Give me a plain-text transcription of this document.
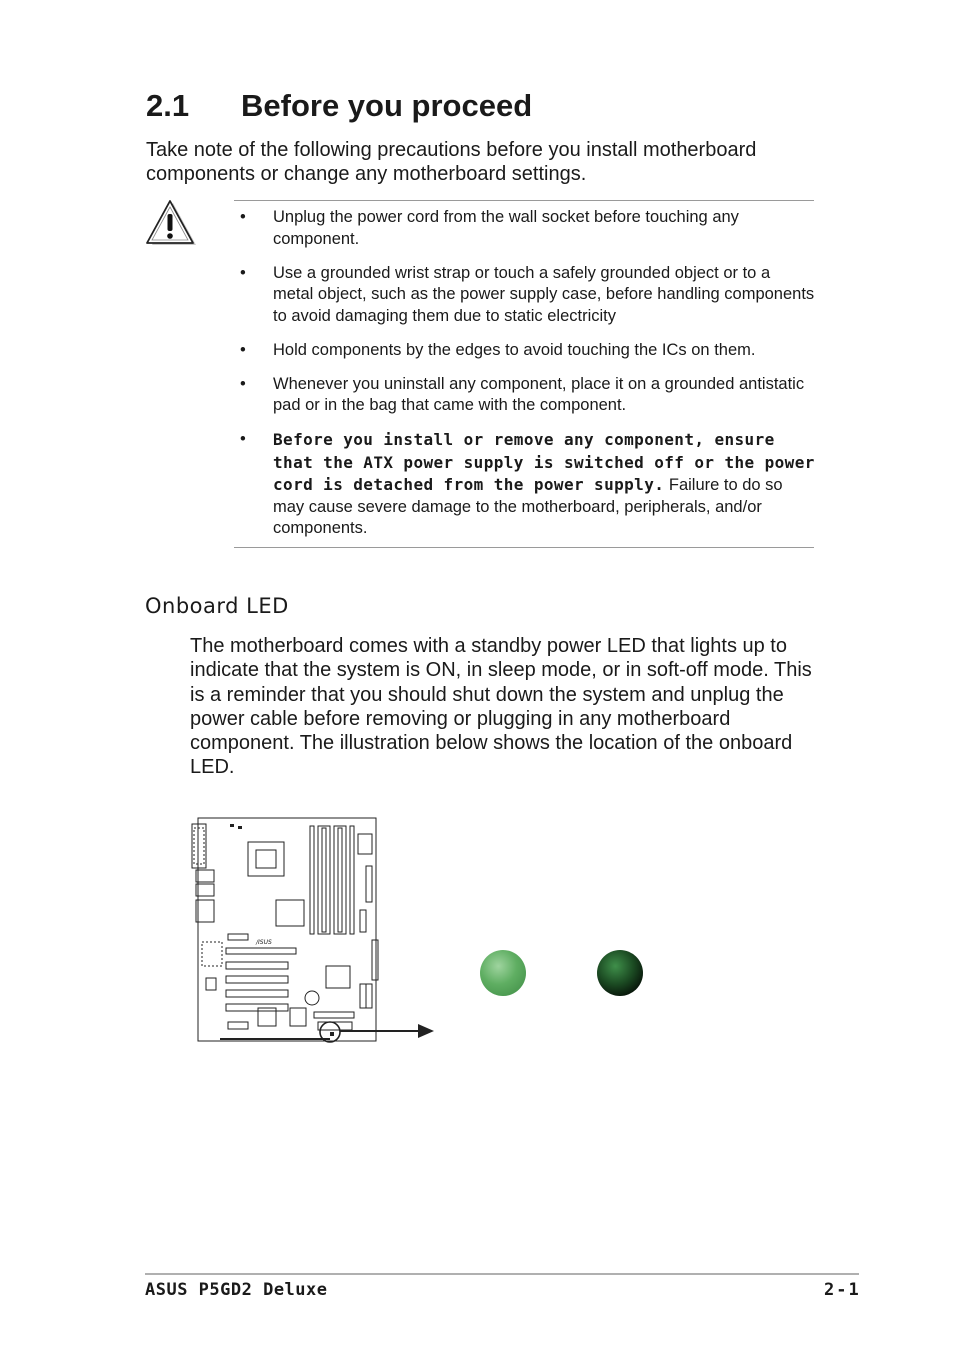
2.1 Before you proceed
Take note of the following precautions before you install motherboard components or change any motherboard settings.
• Unplug the power cord from the wall socket before touching any component.
• Use a grounded wrist strap or touch a safely grounded object or to a metal object, such as the power supply case, before handling components to avoid damaging them due to static electricity
• Hold components by the edges to avoid touching the ICs on them.
• Whenever you uninstall any component, place it on a grounded antistatic pad or in the bag that came with the component.
• Before you install or remove any component, ensure that the ATX power supply is switched off or the power cord is detached from the power supply. Failure to do so may cause severe damage to the motherboard, peripherals, and/or components.
Onboard LED
The motherboard comes with a standby power LED that lights up to indicate that the system is ON, in sleep mode, or in soft-off mode. This is a reminder that you should shut down the system and unplug the power cable before removing or plugging in any motherboard component. The illustration below shows the location of the onboard LED.
/ISUS
ASUS P5GD2 Deluxe	2-1
